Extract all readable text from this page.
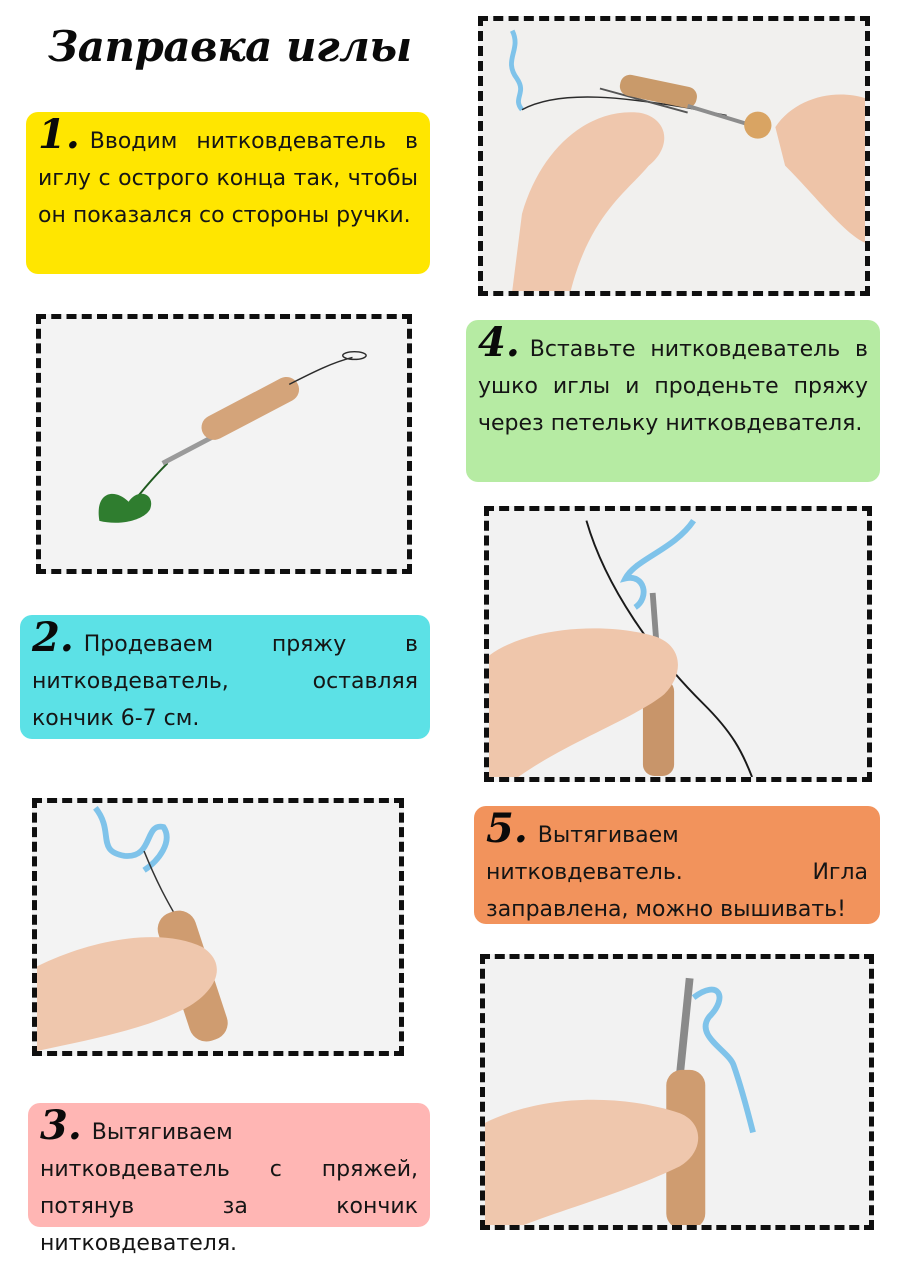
Заправка иглы
1. Вводим нитковдеватель в иглу с острого конца так, чтобы он показался со стороны ручки.
2. Продеваем пряжу в нитковдеватель, оставляя кончик 6-7 см.
3. Вытягиваем нитковдеватель с пряжей, потянув за кончик нитковдевателя.
4. Вставьте нитковдеватель в ушко иглы и проденьте пряжу через петельку нитковдевателя.
5. Вытягиваем нитковдеватель. Игла заправлена, можно вышивать!
